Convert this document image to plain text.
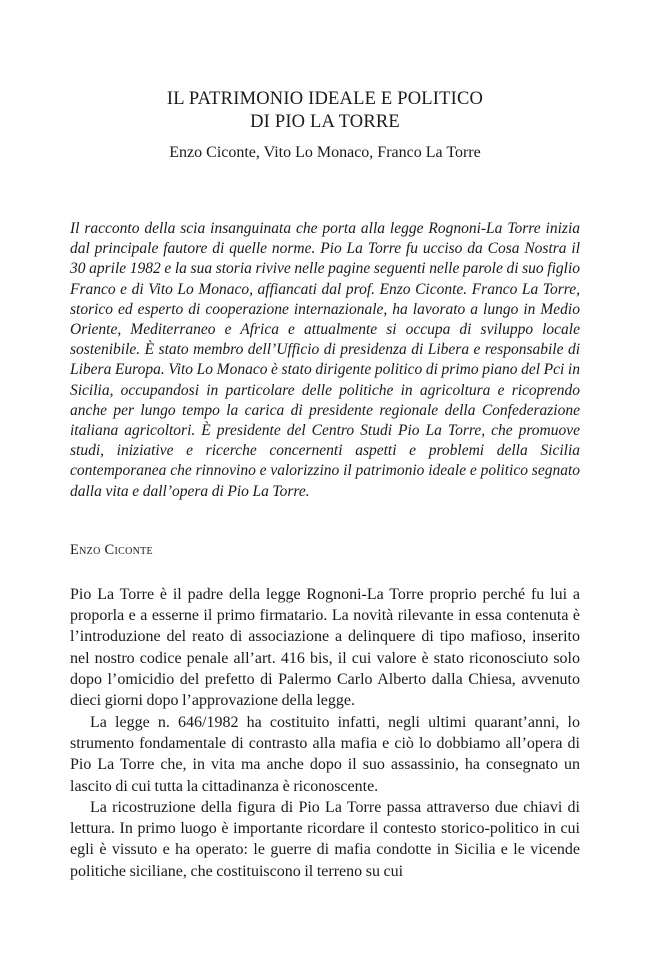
IL PATRIMONIO IDEALE E POLITICO
DI PIO LA TORRE
Enzo Ciconte, Vito Lo Monaco, Franco La Torre
Il racconto della scia insanguinata che porta alla legge Rognoni-La Torre inizia dal principale fautore di quelle norme. Pio La Torre fu ucciso da Cosa Nostra il 30 aprile 1982 e la sua storia rivive nelle pagine seguenti nelle parole di suo figlio Franco e di Vito Lo Monaco, affiancati dal prof. Enzo Ciconte. Franco La Torre, storico ed esperto di cooperazione internazionale, ha lavorato a lungo in Medio Oriente, Mediterraneo e Africa e attualmente si occupa di sviluppo locale sostenibile. È stato membro dell’Ufficio di presidenza di Libera e responsabile di Libera Europa. Vito Lo Monaco è stato dirigente politico di primo piano del Pci in Sicilia, occupandosi in particolare delle politiche in agricoltura e ricoprendo anche per lungo tempo la carica di presidente regionale della Confederazione italiana agricoltori. È presidente del Centro Studi Pio La Torre, che promuove studi, iniziative e ricerche concernenti aspetti e problemi della Sicilia contemporanea che rinnovino e valorizzino il patrimonio ideale e politico segnato dalla vita e dall’opera di Pio La Torre.
Enzo Ciconte

Pio La Torre è il padre della legge Rognoni-La Torre proprio perché fu lui a proporla e a esserne il primo firmatario. La novità rilevante in essa contenuta è l’introduzione del reato di associazione a delinquere di tipo mafioso, inserito nel nostro codice penale all’art. 416 bis, il cui valore è stato riconosciuto solo dopo l’omicidio del prefetto di Palermo Carlo Alberto dalla Chiesa, avvenuto dieci giorni dopo l’approvazione della legge.

La legge n. 646/1982 ha costituito infatti, negli ultimi quarant’anni, lo strumento fondamentale di contrasto alla mafia e ciò lo dobbiamo all’opera di Pio La Torre che, in vita ma anche dopo il suo assassinio, ha consegnato un lascito di cui tutta la cittadinanza è riconoscente.

La ricostruzione della figura di Pio La Torre passa attraverso due chiavi di lettura. In primo luogo è importante ricordare il contesto storico-politico in cui egli è vissuto e ha operato: le guerre di mafia condotte in Sicilia e le vicende politiche siciliane, che costituiscono il terreno su cui
